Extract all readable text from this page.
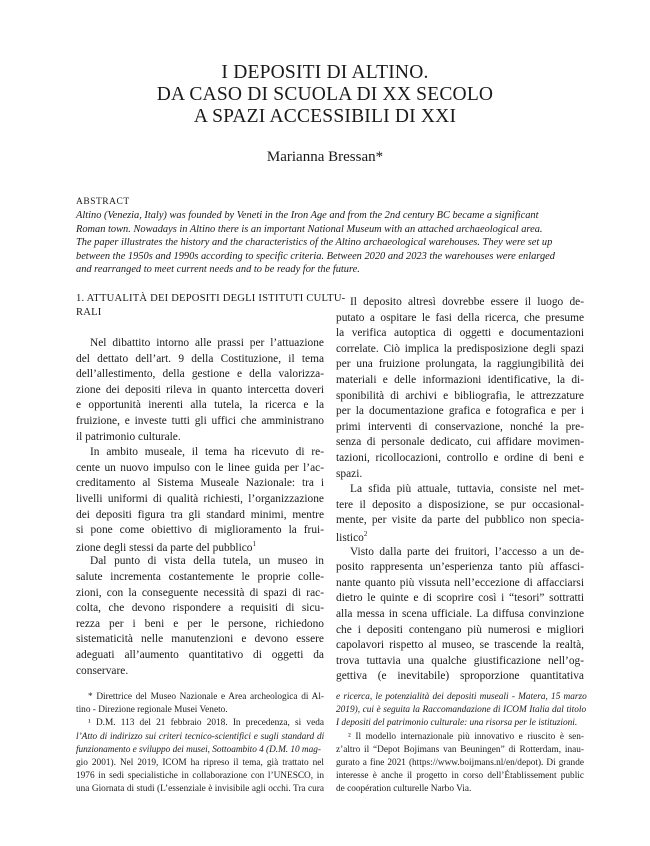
I DEPOSITI DI ALTINO.
DA CASO DI SCUOLA DI XX SECOLO
A SPAZI ACCESSIBILI DI XXI
Marianna Bressan*
ABSTRACT
Altino (Venezia, Italy) was founded by Veneti in the Iron Age and from the 2nd century BC became a significant
Roman town. Nowadays in Altino there is an important National Museum with an attached archaeological area.
The paper illustrates the history and the characteristics of the Altino archaeological warehouses. They were set up
between the 1950s and 1990s according to specific criteria. Between 2020 and 2023 the warehouses were enlarged
and rearranged to meet current needs and to be ready for the future.
1. ATTUALITÀ DEI DEPOSITI DEGLI ISTITUTI CULTU-
RALI
Nel dibattito intorno alle prassi per l’attuazione
del dettato dell’art. 9 della Costituzione, il tema
dell’allestimento, della gestione e della valorizza-
zione dei depositi rileva in quanto intercetta doveri
e opportunità inerenti alla tutela, la ricerca e la
fruizione, e investe tutti gli uffici che amministrano
il patrimonio culturale.
In ambito museale, il tema ha ricevuto di re-
cente un nuovo impulso con le linee guida per l’ac-
creditamento al Sistema Museale Nazionale: tra i
livelli uniformi di qualità richiesti, l’organizzazione
dei depositi figura tra gli standard minimi, mentre
si pone come obiettivo di miglioramento la frui-
zione degli stessi da parte del pubblico$^1$
Dal punto di vista della tutela, un museo in
salute incrementa costantemente le proprie colle-
zioni, con la conseguente necessità di spazi di rac-
colta, che devono rispondere a requisiti di sicu-
rezza per i beni e per le persone, richiedono
sistematicità nelle manutenzioni e devono essere
adeguati all’aumento quantitativo di oggetti da
conservare.
Il deposito altresì dovrebbe essere il luogo de-
putato a ospitare le fasi della ricerca, che presume
la verifica autoptica di oggetti e documentazioni
correlate. Ciò implica la predisposizione degli spazi
per una fruizione prolungata, la raggiungibilità dei
materiali e delle informazioni identificative, la di-
sponibilità di archivi e bibliografia, le attrezzature
per la documentazione grafica e fotografica e per i
primi interventi di conservazione, nonché la pre-
senza di personale dedicato, cui affidare movimen-
tazioni, ricollocazioni, controllo e ordine di beni e
spazi.
La sfida più attuale, tuttavia, consiste nel met-
tere il deposito a disposizione, se pur occasional-
mente, per visite da parte del pubblico non specia-
listico$^2$
Visto dalla parte dei fruitori, l’accesso a un de-
posito rappresenta un’esperienza tanto più affasci-
nante quanto più vissuta nell’eccezione di affacciarsi
dietro le quinte e di scoprire così i “tesori” sottratti
alla messa in scena ufficiale. La diffusa convinzione
che i depositi contengano più numerosi e migliori
capolavori rispetto al museo, se trascende la realtà,
trova tuttavia una qualche giustificazione nell’og-
gettiva (e inevitabile) sproporzione quantitativa
* Direttrice del Museo Nazionale e Area archeologica di Al-
tino - Direzione regionale Musei Veneto.
¹ D.M. 113 del 21 febbraio 2018. In precedenza, si veda
l’Atto di indirizzo sui criteri tecnico-scientifici e sugli standard di
funzionamento e sviluppo dei musei, Sottoambito 4 (D.M. 10 mag-
gio 2001). Nel 2019, ICOM ha ripreso il tema, già trattato nel
1976 in sedi specialistiche in collaborazione con l’UNESCO, in
una Giornata di studi (L’essenziale è invisibile agli occhi. Tra cura
e ricerca, le potenzialità dei depositi museali - Matera, 15 marzo
2019), cui è seguita la Raccomandazione di ICOM Italia dal titolo
I depositi del patrimonio culturale: una risorsa per le istituzioni.
² Il modello internazionale più innovativo e riuscito è sen-
z’altro il “Depot Bojimans van Beuningen” di Rotterdam, inau-
gurato a fine 2021 (https://www.boijmans.nl/en/depot). Di grande
interesse è anche il progetto in corso dell’Établissement public
de coopération culturelle Narbo Via.
